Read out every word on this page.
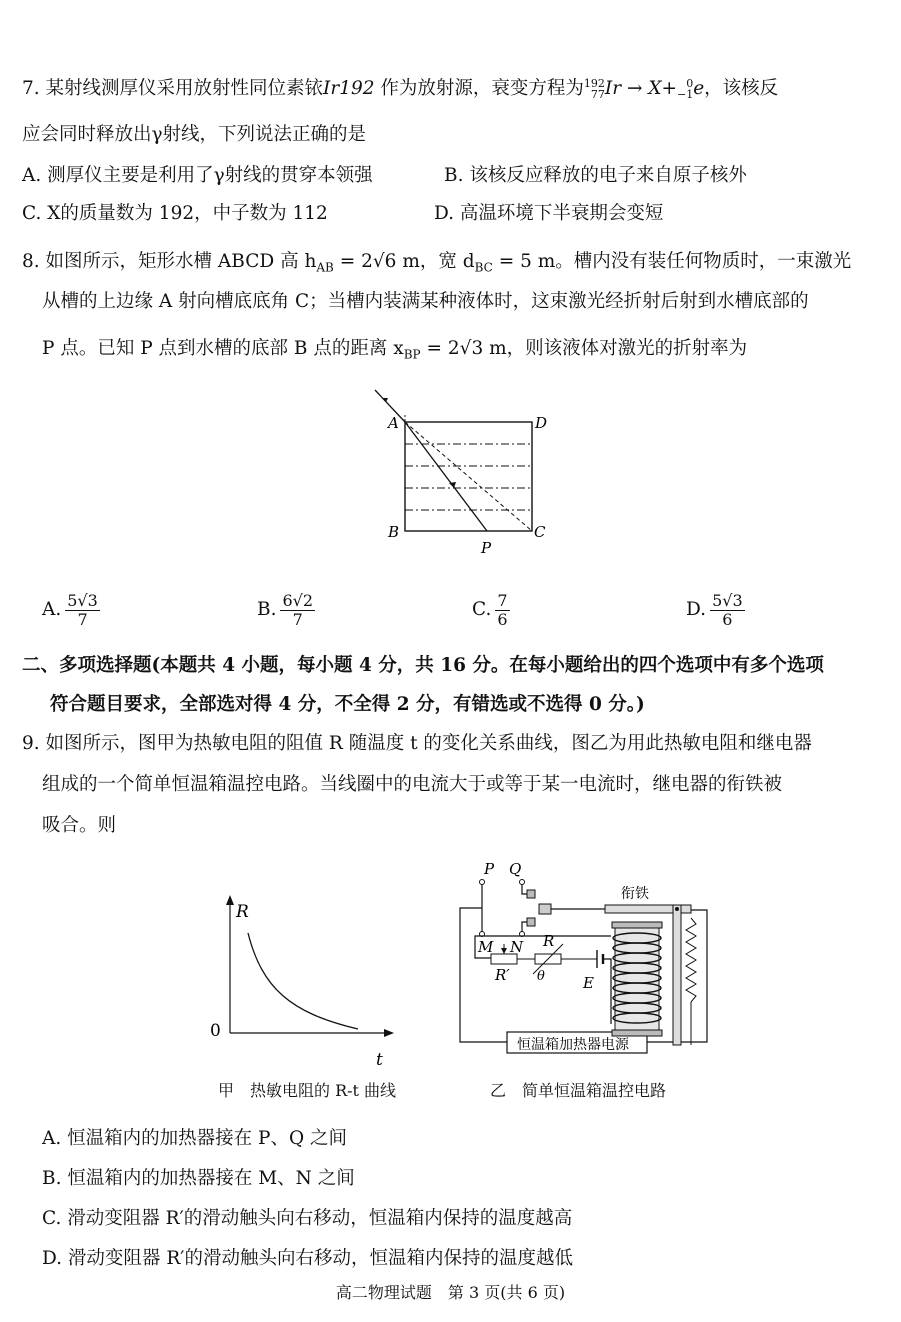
7. 某射线测厚仪采用放射性同位素铱Ir192 作为放射源，衰变方程为 192
77 Ir → X+ 0
−1 e，该核反
应会同时释放出γ射线，下列说法正确的是
A. 测厚仪主要是利用了γ射线的贯穿本领强	B. 该核反应释放的电子来自原子核外
C. X的质量数为 192，中子数为 112	D. 高温环境下半衰期会变短
8. 如图所示，矩形水槽 ABCD 高 $h_{AB} = 2√6$ m，宽 $d_{BC} = 5$ m。槽内没有装任何物质时，一束激光
从槽的上边缘 A 射向槽底底角 C；当槽内装满某种液体时，这束激光经折射后射到水槽底部的
P 点。已知 P 点到水槽的底部 B 点的距离 $x_{BP} = 2√3$ m，则该液体对激光的折射率为
A	D
B	C
P
A. $\frac{5√3}{7}$	B. $\frac{6√2}{7}$	C. $\frac{7}{6}$	D. $\frac{5√3}{6}$
二、多项选择题(本题共 4 小题，每小题 4 分，共 16 分。在每小题给出的四个选项中有多个选项
符合题目要求，全部选对得 4 分，不全得 2 分，有错选或不选得 0 分。)
9. 如图所示，图甲为热敏电阻的阻值 R 随温度 t 的变化关系曲线，图乙为用此热敏电阻和继电器
组成的一个简单恒温箱温控电路。当线圈中的电流大于或等于某一电流时，继电器的衔铁被
吸合。则
R
t
0
甲　热敏电阻的 R-t 曲线
恒温箱加热器电源
衔铁
R′
R
θ	E
P Q
M N
乙　简单恒温箱温控电路
A. 恒温箱内的加热器接在 P、Q 之间
B. 恒温箱内的加热器接在 M、N 之间
C. 滑动变阻器 R′的滑动触头向右移动，恒温箱内保持的温度越高
D. 滑动变阻器 R′的滑动触头向右移动，恒温箱内保持的温度越低
高二物理试题　第 3 页(共 6 页)
